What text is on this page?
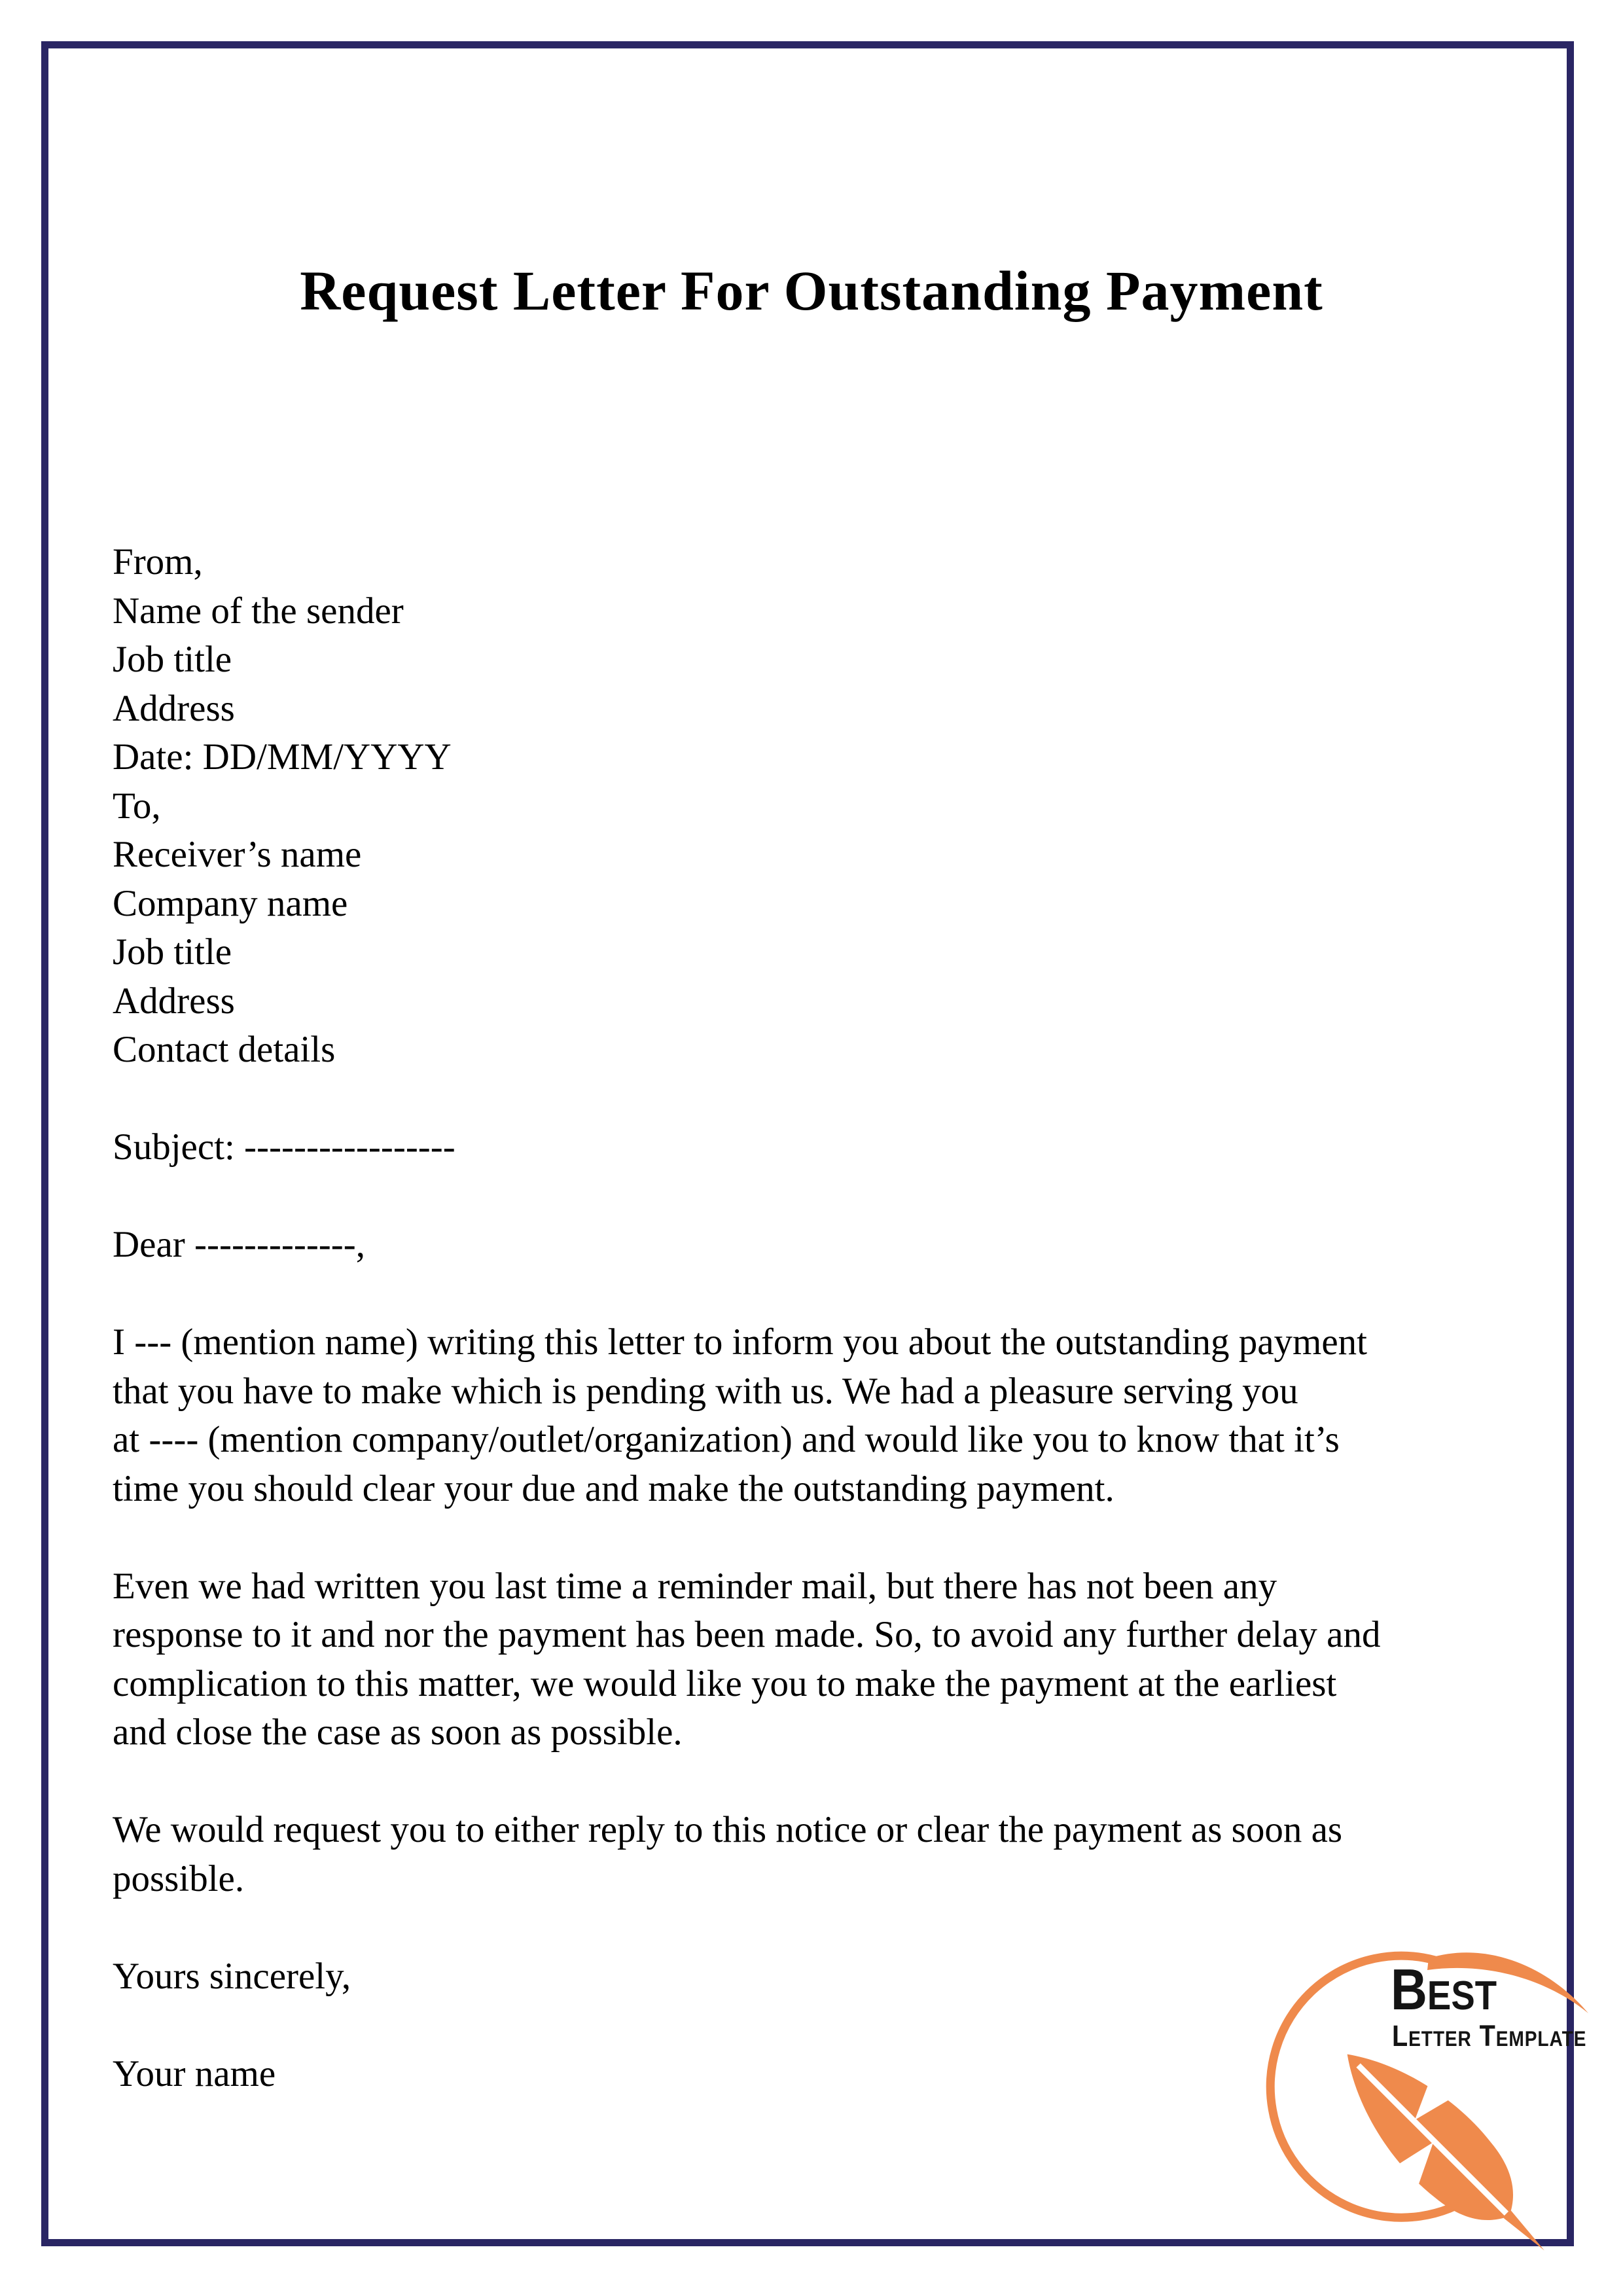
Request Letter For Outstanding Payment
From,
Name of the sender
Job title
Address
Date: DD/MM/YYYY
To,
Receiver’s name
Company name
Job title
Address
Contact details
Subject: -----------------
Dear -------------,
I --- (mention name) writing this letter to inform you about the outstanding payment
that you have to make which is pending with us. We had a pleasure serving you
at ---- (mention company/outlet/organization) and would like you to know that it’s
time you should clear your due and make the outstanding payment.
Even we had written you last time a reminder mail, but there has not been any
response to it and nor the payment has been made. So, to avoid any further delay and
complication to this matter, we would like you to make the payment at the earliest
and close the case as soon as possible.
We would request you to either reply to this notice or clear the payment as soon as
possible.
Yours sincerely,
Your name
Best
Letter Template
